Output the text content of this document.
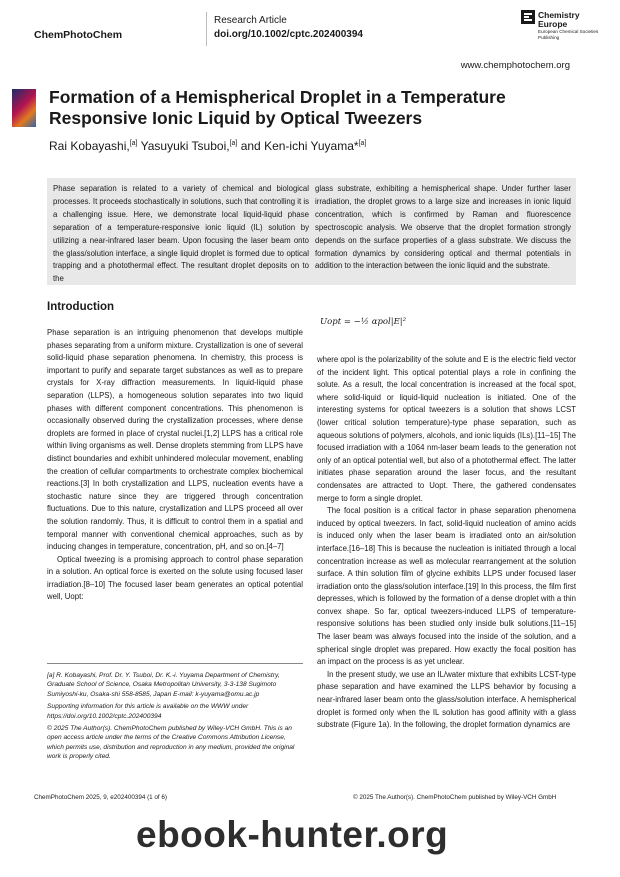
ChemPhotoChem
Research Article
doi.org/10.1002/cptc.202400394
Chemistry Europe
European Chemical Societies Publishing
www.chemphotochem.org
Formation of a Hemispherical Droplet in a Temperature Responsive Ionic Liquid by Optical Tweezers
Rai Kobayashi,[a] Yasuyuki Tsuboi,[a] and Ken-ichi Yuyama*[a]
Phase separation is related to a variety of chemical and biological processes. It proceeds stochastically in solutions, such that controlling it is a challenging issue. Here, we demonstrate local liquid-liquid phase separation of a temperature-responsive ionic liquid (IL) solution by utilizing a near-infrared laser beam. Upon focusing the laser beam onto the glass/solution interface, a single liquid droplet is formed due to optical trapping and a photothermal effect. The resultant droplet deposits on to the
glass substrate, exhibiting a hemispherical shape. Under further laser irradiation, the droplet grows to a large size and increases in ionic liquid concentration, which is confirmed by Raman and fluorescence spectroscopic analysis. We observe that the droplet formation strongly depends on the surface properties of a glass substrate. We discuss the formation dynamics by considering optical and thermal potentials in addition to the interaction between the ionic liquid and the substrate.
Introduction

Phase separation is an intriguing phenomenon that develops multiple phases separating from a uniform mixture. Crystallization is one of several solid-liquid phase separation phenomena. In chemistry, this process is important to purify and separate target substances as well as to prepare crystals for X-ray diffraction measurements. In liquid-liquid phase separation (LLPS), a homogeneous solution separates into two liquid phases with different component concentrations. This phenomenon is occasionally observed during the crystallization processes, where dense droplets are formed in place of crystal nuclei.[1,2] LLPS has a critical role within living organisms as well. Dense droplets stemming from LLPS have distinct boundaries and exhibit unhindered molecular movement, enabling the creation of cellular compartments to orchestrate complex biochemical reactions.[3] In both crystallization and LLPS, nucleation events have a stochastic nature since they are triggered through concentration fluctuations. Due to this nature, crystallization and LLPS proceed all over the solution randomly. Thus, it is difficult to control them in a spatial and temporal manner with conventional chemical approaches, such as by inducing changes in temperature, concentration, pH, and so on.[4–7]

Optical tweezing is a promising approach to control phase separation in a solution. An optical force is exerted on the solute using focused laser irradiation.[8–10] The focused laser beam generates an optical potential well, Uopt:

Uopt = −½ αpol|E|²

where αpol is the polarizability of the solute and E is the electric field vector of the incident light. This optical potential plays a role in confining the solute. As a result, the local concentration is increased at the focal spot, where solid-liquid or liquid-liquid nucleation is initiated. One of the interesting systems for optical tweezers is a solution that shows LCST (lower critical solution temperature)-type phase separation, such as aqueous solutions of polymers, alcohols, and ionic liquids (ILs).[11–15] The focused irradiation with a 1064 nm-laser beam leads to the generation not only of an optical potential well, but also of a photothermal effect. The latter initiates phase separation around the laser focus, and the resultant condensates are attracted to Uopt. There, the gathered condensates merge to form a single droplet.

The focal position is a critical factor in phase separation phenomena induced by optical tweezers. In fact, solid-liquid nucleation of amino acids is induced only when the laser beam is irradiated onto an air/solution interface.[16–18] This is because the nucleation is initiated through a local concentration increase as well as molecular rearrangement at the solution surface. A thin solution film of glycine exhibits LLPS under focused laser irradiation onto the glass/solution interface.[19] In this process, the film first depresses, which is followed by the formation of a dense droplet with a thin convex shape. So far, optical tweezers-induced LLPS of temperature-responsive solutions has been studied only inside bulk solutions.[11–15] The laser beam was always focused into the inside of the solution, and a spherical single droplet was prepared. How exactly the focal position has an impact on the process is as yet unclear.

In the present study, we use an IL/water mixture that exhibits LCST-type phase separation and have examined the LLPS behavior by focusing a near-infrared laser beam onto the glass/solution interface. A hemispherical droplet is formed only when the IL solution has good affinity with a glass substrate (Figure 1a). In the following, the droplet formation dynamics are

[a] R. Kobayashi, Prof. Dr. Y. Tsuboi, Dr. K.-i. Yuyama Department of Chemistry, Graduate School of Science, Osaka Metropolitan University, 3-3-138 Sugimoto Sumiyoshi-ku, Osaka-shi 558-8585, Japan E-mail: k-yuyama@omu.ac.jp
Supporting information for this article is available on the WWW under https://doi.org/10.1002/cptc.202400394
© 2025 The Author(s). ChemPhotoChem published by Wiley-VCH GmbH. This is an open access article under the terms of the Creative Commons Attribution License, which permits use, distribution and reproduction in any medium, provided the original work is properly cited.
ChemPhotoChem 2025, 9, e202400394 (1 of 6)	© 2025 The Author(s). ChemPhotoChem published by Wiley-VCH GmbH
ebook-hunter.org
